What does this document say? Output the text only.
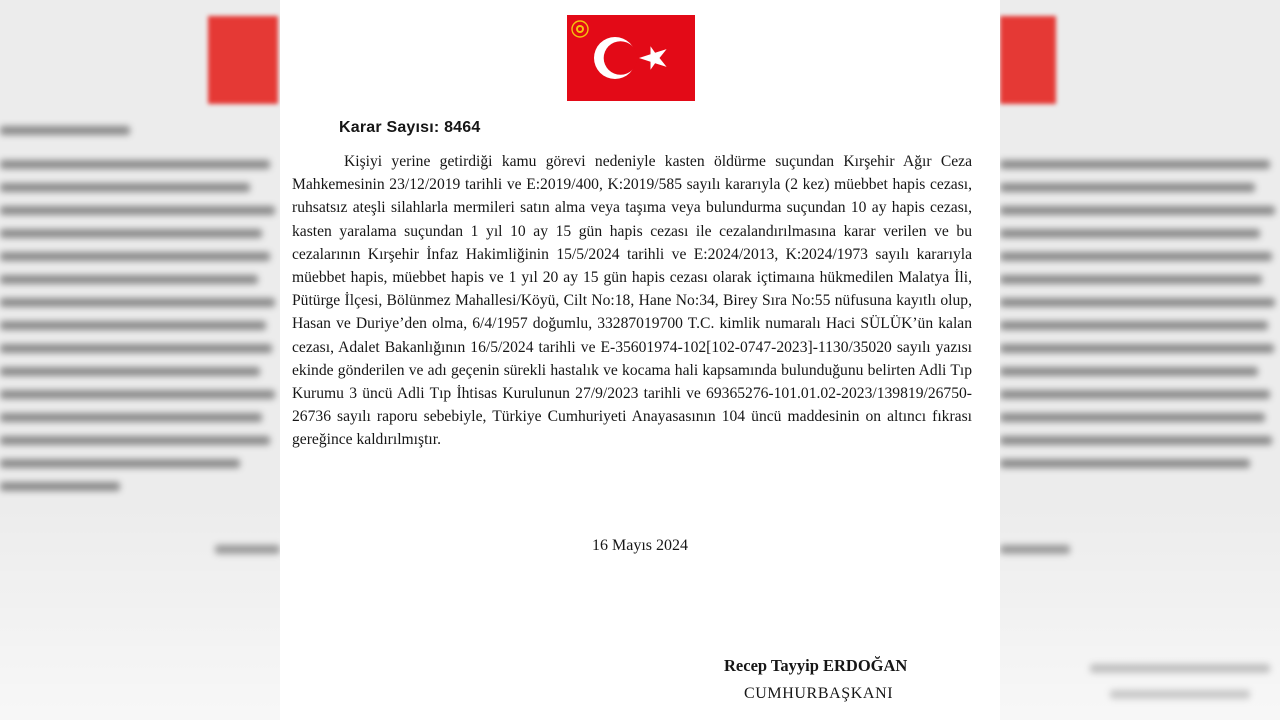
Karar Sayısı: 8464
Kişiyi yerine getirdiği kamu görevi nedeniyle kasten öldürme suçundan Kırşehir Ağır Ceza Mahkemesinin 23/12/2019 tarihli ve E:2019/400, K:2019/585 sayılı kararıyla (2 kez) müebbet hapis cezası, ruhsatsız ateşli silahlarla mermileri satın alma veya taşıma veya bulundurma suçundan 10 ay hapis cezası, kasten yaralama suçundan 1 yıl 10 ay 15 gün hapis cezası ile cezalandırılmasına karar verilen ve bu cezalarının Kırşehir İnfaz Hakimliğinin 15/5/2024 tarihli ve E:2024/2013, K:2024/1973 sayılı kararıyla müebbet hapis, müebbet hapis ve 1 yıl 20 ay 15 gün hapis cezası olarak içtimaına hükmedilen Malatya İli, Pütürge İlçesi, Bölünmez Mahallesi/Köyü, Cilt No:18, Hane No:34, Birey Sıra No:55 nüfusuna kayıtlı olup, Hasan ve Duriye’den olma, 6/4/1957 doğumlu, 33287019700 T.C. kimlik numaralı Haci SÜLÜK’ün kalan cezası, Adalet Bakanlığının 16/5/2024 tarihli ve E-35601974-102[102-0747-2023]-1130/35020 sayılı yazısı ekinde gönderilen ve adı geçenin sürekli hastalık ve kocama hali kapsamında bulunduğunu belirten Adli Tıp Kurumu 3 üncü Adli Tıp İhtisas Kurulunun 27/9/2023 tarihli ve 69365276-101.01.02-2023/139819/26750-26736 sayılı raporu sebebiyle, Türkiye Cumhuriyeti Anayasasının 104 üncü maddesinin on altıncı fıkrası gereğince kaldırılmıştır.
16 Mayıs 2024
Recep Tayyip ERDOĞAN
CUMHURBAŞKANI
